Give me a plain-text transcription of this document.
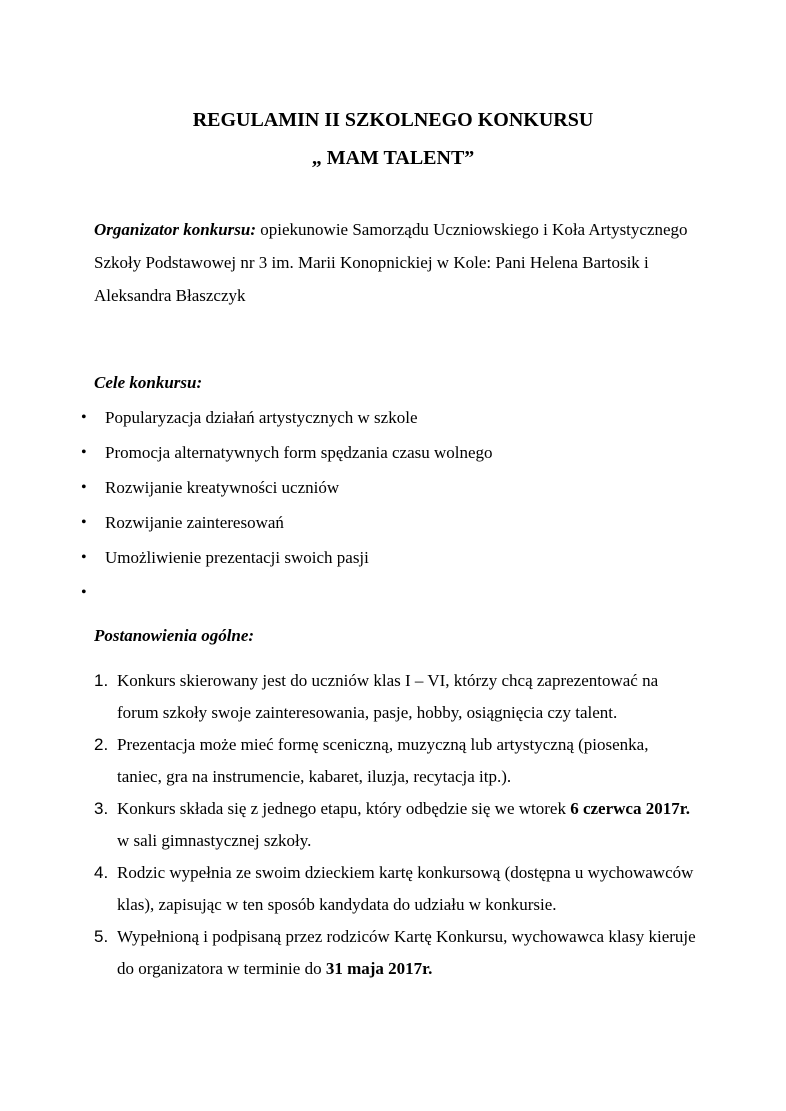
REGULAMIN II SZKOLNEGO KONKURSU
„ MAM TALENT”
Organizator konkursu: opiekunowie Samorządu Uczniowskiego i Koła Artystycznego Szkoły Podstawowej nr 3 im. Marii Konopnickiej w Kole: Pani Helena Bartosik i Aleksandra Błaszczyk
Cele konkursu:
• Popularyzacja działań artystycznych w szkole
• Promocja alternatywnych form spędzania czasu wolnego
• Rozwijanie kreatywności uczniów
• Rozwijanie zainteresowań
• Umożliwienie prezentacji swoich pasji
•
Postanowienia ogólne:
1. Konkurs skierowany jest do uczniów klas I – VI, którzy chcą zaprezentować na forum szkoły swoje zainteresowania, pasje, hobby, osiągnięcia czy talent.
2. Prezentacja może mieć formę sceniczną, muzyczną lub artystyczną (piosenka, taniec, gra na instrumencie, kabaret, iluzja, recytacja itp.).
3. Konkurs składa się z jednego etapu, który odbędzie się we wtorek 6 czerwca 2017r. w sali gimnastycznej szkoły.
4. Rodzic wypełnia ze swoim dzieckiem kartę konkursową (dostępna u wychowawców klas), zapisując w ten sposób kandydata do udziału w konkursie.
5. Wypełnioną i podpisaną przez rodziców Kartę Konkursu, wychowawca klasy kieruje do organizatora w terminie do 31 maja 2017r.
